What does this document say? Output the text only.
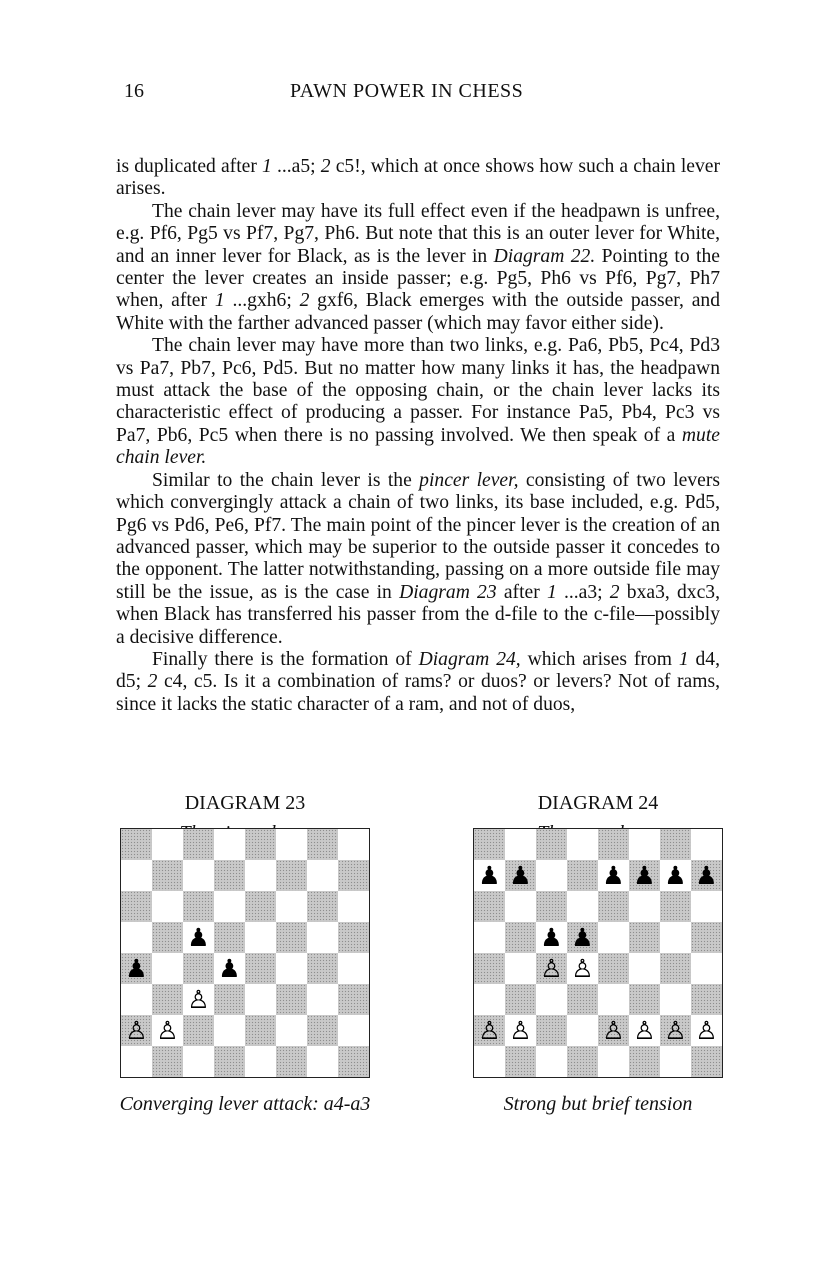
16	PAWN POWER IN CHESS

is duplicated after 1 ...a5; 2 c5!, which at once shows how such a chain lever arises.

The chain lever may have its full effect even if the headpawn is unfree, e.g. Pf6, Pg5 vs Pf7, Pg7, Ph6. But note that this is an outer lever for White, and an inner lever for Black, as is the lever in Diagram 22. Pointing to the center the lever creates an inside passer; e.g. Pg5, Ph6 vs Pf6, Pg7, Ph7 when, after 1 ...gxh6; 2 gxf6, Black emerges with the outside passer, and White with the farther advanced passer (which may favor either side).

The chain lever may have more than two links, e.g. Pa6, Pb5, Pc4, Pd3 vs Pa7, Pb7, Pc6, Pd5. But no matter how many links it has, the headpawn must attack the base of the opposing chain, or the chain lever lacks its characteristic effect of producing a passer. For instance Pa5, Pb4, Pc3 vs Pa7, Pb6, Pc5 when there is no passing involved. We then speak of a mute chain lever.

Similar to the chain lever is the pincer lever, consisting of two levers which convergingly attack a chain of two links, its base included, e.g. Pd5, Pg6 vs Pd6, Pe6, Pf7. The main point of the pincer lever is the creation of an advanced passer, which may be superior to the outside passer it concedes to the opponent. The latter notwithstanding, passing on a more outside file may still be the issue, as is the case in Diagram 23 after 1 ...a3; 2 bxa3, dxc3, when Black has transferred his passer from the d-file to the c-file—possibly a decisive difference.

Finally there is the formation of Diagram 24, which arises from 1 d4, d5; 2 c4, c5. Is it a combination of rams? or duos? or levers? Not of rams, since it lacks the static character of a ram, and not of duos,

DIAGRAM 23
♟
♟	♟
♙
♙ ♙
Converging lever attack: a4-a3
DIAGRAM 24
♟ ♟	♟ ♟ ♟ ♟
♟ ♟
♙ ♙
♙ ♙	♙ ♙ ♙ ♙
Strong but brief tension
